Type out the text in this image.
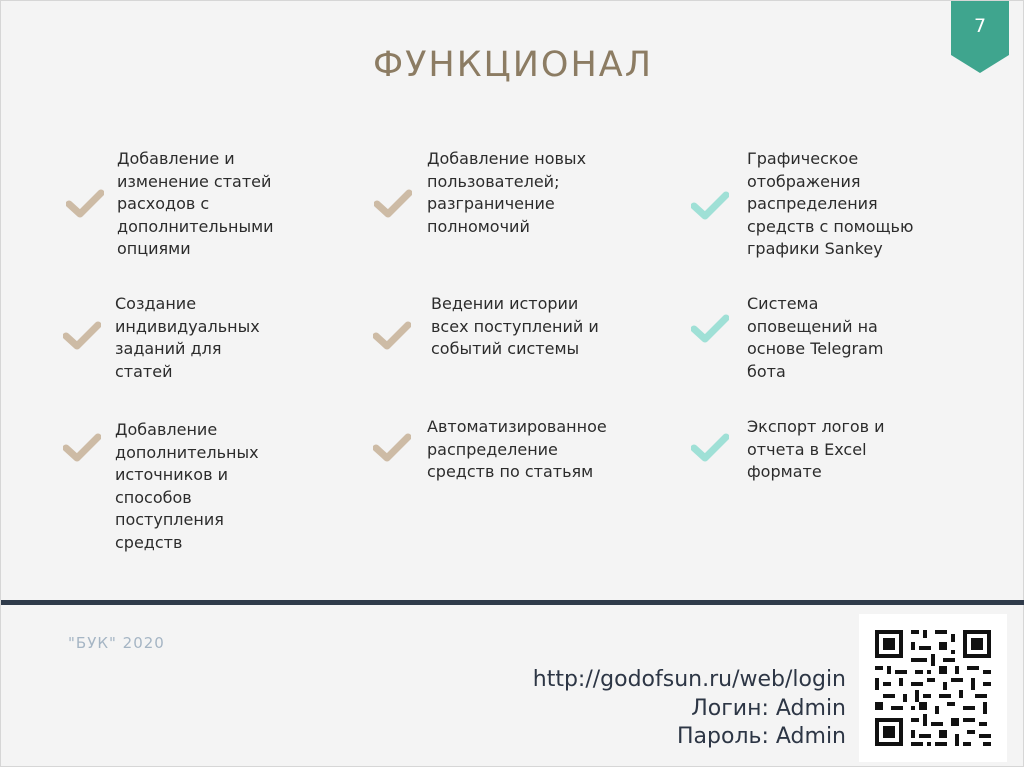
7
ФУНКЦИОНАЛ
Добавление и
изменение статей
расходов с
дополнительными
опциями
Создание
индивидуальных
заданий для
статей
Добавление
дополнительных
источников и
способов
поступления
средств
Добавление новых
пользователей;
разграничение
полномочий
Ведении истории
всех поступлений и
событий системы
Автоматизированное
распределение
средств по статьям
Графическое
отображения
распределения
средств с помощью
графики Sankey
Система
оповещений на
основе Telegram
бота
Экспорт логов и
отчета в Excel
формате
"БУК" 2020
http://godofsun.ru/web/login
Логин: Admin
Пароль: Admin
